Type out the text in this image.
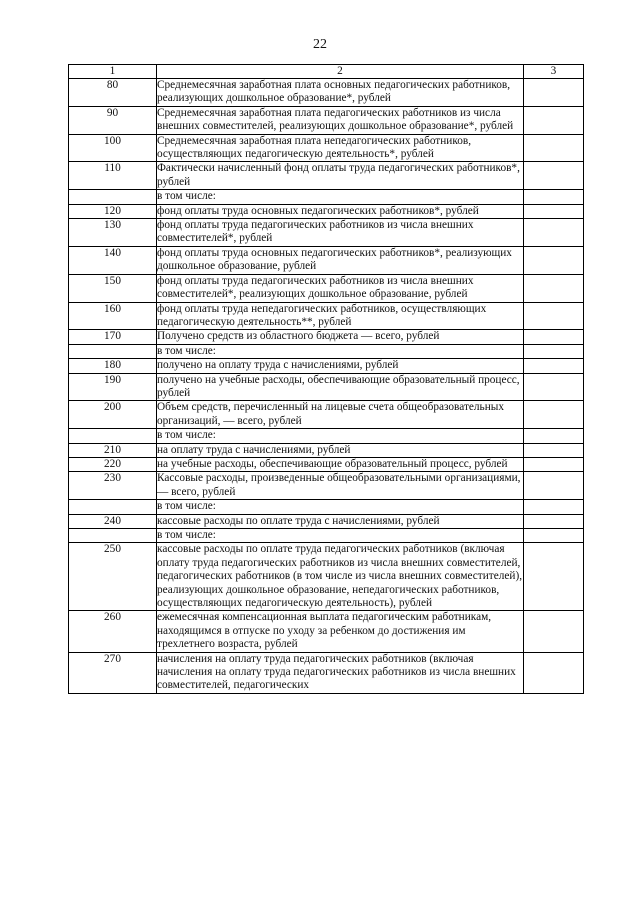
22
1	2	3
80	Среднемесячная заработная плата основных педагогических работников, реализующих дошкольное образование*, рублей	
90	Среднемесячная заработная плата педагогических работников из числа внешних совместителей, реализующих дошкольное образование*, рублей	
100	Среднемесячная заработная плата непедагогических работников, осуществляющих педагогическую деятельность*, рублей	
110	Фактически начисленный фонд оплаты труда педагогических работников*, рублей	
	в том числе:	
120	фонд оплаты труда основных педагогических работников*, рублей	
130	фонд оплаты труда педагогических работников из числа внешних совместителей*, рублей	
140	фонд оплаты труда основных педагогических работников*, реализующих дошкольное образование, рублей	
150	фонд оплаты труда педагогических работников из числа внешних совместителей*, реализующих дошкольное образование, рублей	
160	фонд оплаты труда непедагогических работников, осуществляющих педагогическую деятельность**, рублей	
170	Получено средств из областного бюджета — всего, рублей	
	в том числе:	
180	получено на оплату труда с начислениями, рублей	
190	получено на учебные расходы, обеспечивающие образовательный процесс, рублей	
200	Объем средств, перечисленный на лицевые счета общеобразовательных организаций, — всего, рублей	
	в том числе:	
210	на оплату труда с начислениями, рублей	
220	на учебные расходы, обеспечивающие образовательный процесс, рублей	
230	Кассовые расходы, произведенные общеобразовательными организациями, — всего, рублей	
	в том числе:	
240	кассовые расходы по оплате труда с начислениями, рублей	
	в том числе:	
250	кассовые расходы по оплате труда педагогических работников (включая оплату труда педагогических работников из числа внешних совместителей, педагогических работников (в том числе из числа внешних совместителей), реализующих дошкольное образование, непедагогических работников, осуществляющих педагогическую деятельность), рублей	
260	ежемесячная компенсационная выплата педагогическим работникам, находящимся в отпуске по уходу за ребенком до достижения им трехлетнего возраста, рублей	
270	начисления на оплату труда педагогических работников (включая начисления на оплату труда педагогических работников из числа внешних совместителей, педагогических	
